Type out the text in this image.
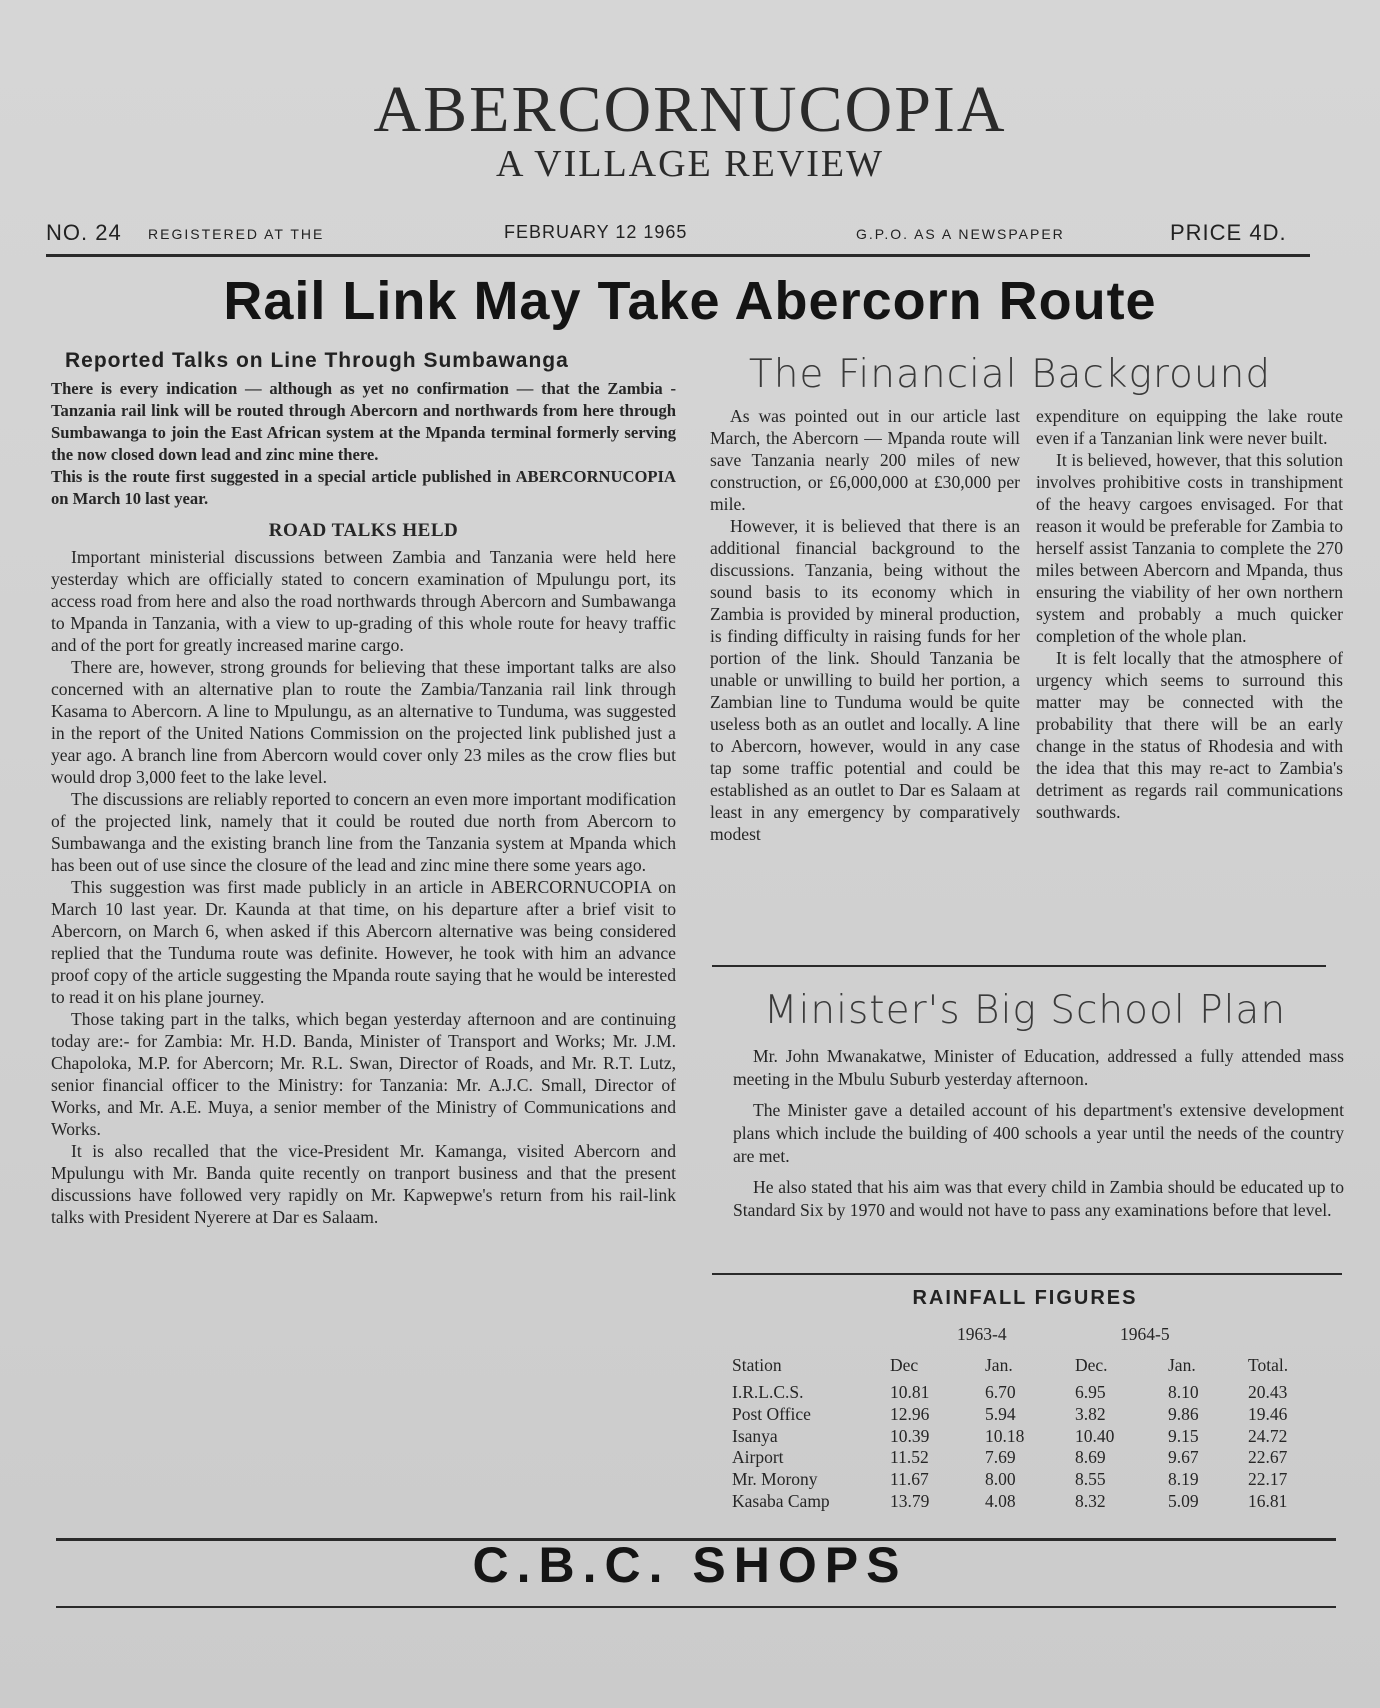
ABERCORNUCOPIA
A VILLAGE REVIEW
NO. 24 REGISTERED AT THE	FEBRUARY 12 1965	G.P.O. AS A NEWSPAPER	PRICE 4D.
Rail Link May Take Abercorn Route
Reported Talks on Line Through Sumbawanga

There is every indication — although as yet no confirmation — that the Zambia - Tanzania rail link will be routed through Abercorn and northwards from here through Sumbawanga to join the East African system at the Mpanda terminal formerly serving the now closed down lead and zinc mine there.

This is the route first suggested in a special article published in ABERCORNUCOPIA on March 10 last year.

ROAD TALKS HELD

Important ministerial discussions between Zambia and Tanzania were held here yesterday which are officially stated to concern examination of Mpulungu port, its access road from here and also the road northwards through Abercorn and Sumbawanga to Mpanda in Tanzania, with a view to up-grading of this whole route for heavy traffic and of the port for greatly increased marine cargo.

There are, however, strong grounds for believing that these important talks are also concerned with an alternative plan to route the Zambia/Tanzania rail link through Kasama to Abercorn. A line to Mpulungu, as an alternative to Tunduma, was suggested in the report of the United Nations Commission on the projected link published just a year ago. A branch line from Abercorn would cover only 23 miles as the crow flies but would drop 3,000 feet to the lake level.

The discussions are reliably reported to concern an even more important modification of the projected link, namely that it could be routed due north from Abercorn to Sumbawanga and the existing branch line from the Tanzania system at Mpanda which has been out of use since the closure of the lead and zinc mine there some years ago.

This suggestion was first made publicly in an article in ABERCORNUCOPIA on March 10 last year. Dr. Kaunda at that time, on his departure after a brief visit to Abercorn, on March 6, when asked if this Abercorn alternative was being considered replied that the Tunduma route was definite. However, he took with him an advance proof copy of the article suggesting the Mpanda route saying that he would be interested to read it on his plane journey.

Those taking part in the talks, which began yesterday afternoon and are continuing today are:- for Zambia: Mr. H.D. Banda, Minister of Transport and Works; Mr. J.M. Chapoloka, M.P. for Abercorn; Mr. R.L. Swan, Director of Roads, and Mr. R.T. Lutz, senior financial officer to the Ministry: for Tanzania: Mr. A.J.C. Small, Director of Works, and Mr. A.E. Muya, a senior member of the Ministry of Communications and Works.

It is also recalled that the vice-President Mr. Kamanga, visited Abercorn and Mpulungu with Mr. Banda quite recently on tranport business and that the present discussions have followed very rapidly on Mr. Kapwepwe's return from his rail-link talks with President Nyerere at Dar es Salaam.

The Financial Background

As was pointed out in our article last March, the Abercorn — Mpanda route will save Tanzania nearly 200 miles of new construction, or £6,000,000 at £30,000 per mile.

However, it is believed that there is an additional financial background to the discussions. Tanzania, being without the sound basis to its economy which in Zambia is provided by mineral production, is finding difficulty in raising funds for her portion of the link. Should Tanzania be unable or unwilling to build her portion, a Zambian line to Tunduma would be quite useless both as an outlet and locally. A line to Abercorn, however, would in any case tap some traffic potential and could be established as an outlet to Dar es Salaam at least in any emergency by comparatively modest

expenditure on equipping the lake route even if a Tanzanian link were never built.

It is believed, however, that this solution involves prohibitive costs in transhipment of the heavy cargoes envisaged. For that reason it would be preferable for Zambia to herself assist Tanzania to complete the 270 miles between Abercorn and Mpanda, thus ensuring the viability of her own northern system and probably a much quicker completion of the whole plan.

It is felt locally that the atmosphere of urgency which seems to surround this matter may be connected with the probability that there will be an early change in the status of Rhodesia and with the idea that this may re-act to Zambia's detriment as regards rail communications southwards.

Minister's Big School Plan

Mr. John Mwanakatwe, Minister of Education, addressed a fully attended mass meeting in the Mbulu Suburb yesterday afternoon.

The Minister gave a detailed account of his department's extensive development plans which include the building of 400 schools a year until the needs of the country are met.

He also stated that his aim was that every child in Zambia should be educated up to Standard Six by 1970 and would not have to pass any examinations before that level.

RAINFALL FIGURES
1963-4	1964-5
Station	Dec	Jan.	Dec.	Jan.	Total.
I.R.L.C.S.	10.81	6.70	6.95	8.10	20.43
Post Office	12.96	5.94	3.82	9.86	19.46
Isanya	10.39	10.18	10.40	9.15	24.72
Airport	11.52	7.69	8.69	9.67	22.67
Mr. Morony	11.67	8.00	8.55	8.19	22.17
Kasaba Camp	13.79	4.08	8.32	5.09	16.81
C.B.C. SHOPS
